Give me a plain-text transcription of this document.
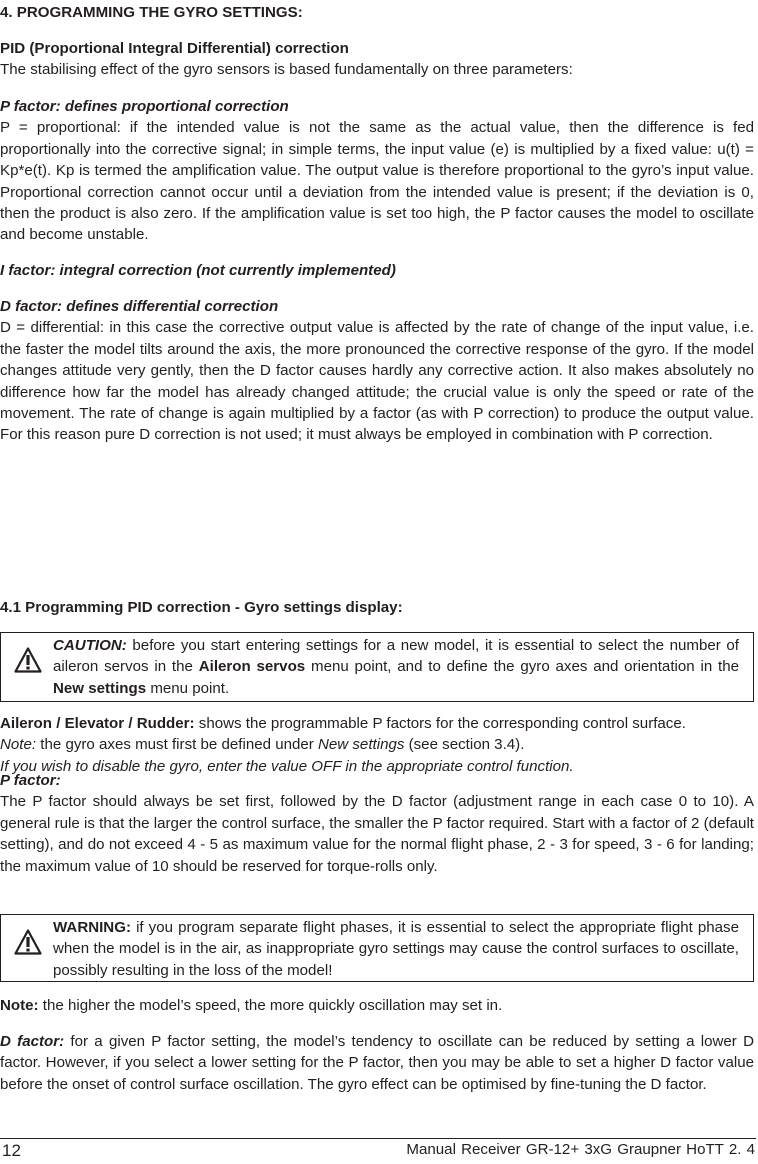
4. PROGRAMMING THE GYRO SETTINGS:
PID (Proportional Integral Differential) correction
The stabilising effect of the gyro sensors is based fundamentally on three parameters:
P factor: defines proportional correction
P = proportional: if the intended value is not the same as the actual value, then the difference is fed proportionally into the corrective signal; in simple terms, the input value (e) is multiplied by a fixed value: u(t) = Kp*e(t). Kp is termed the amplification value. The output value is therefore proportional to the gyro’s input value. Proportional correction cannot occur until a deviation from the intended value is present; if the deviation is 0, then the product is also zero. If the amplification value is set too high, the P factor causes the model to oscillate and become unstable.
I factor: integral correction (not currently implemented)
D factor: defines differential correction
D = differential: in this case the corrective output value is affected by the rate of change of the input value, i.e. the faster the model tilts around the axis, the more pronounced the corrective response of the gyro. If the model changes attitude very gently, then the D factor causes hardly any corrective action. It also makes absolutely no difference how far the model has already changed attitude; the crucial value is only the speed or rate of the movement. The rate of change is again multiplied by a factor (as with P correction) to produce the output value. For this reason pure D correction is not used; it must always be employed in combination with P correction.
4.1 Programming PID correction - Gyro settings display:
CAUTION: before you start entering settings for a new model, it is essential to select the number of aileron servos in the Aileron servos menu point, and to define the gyro axes and orientation in the New settings menu point.
Aileron / Elevator / Rudder: shows the programmable P factors for the corresponding control surface.
Note: the gyro axes must first be defined under New settings (see section 3.4).
If you wish to disable the gyro, enter the value OFF in the appropriate control function.
P factor:
The P factor should always be set first, followed by the D factor (adjustment range in each case 0 to 10). A general rule is that the larger the control surface, the smaller the P factor required. Start with a factor of 2 (default setting), and do not exceed 4 - 5 as maximum value for the normal flight phase, 2 - 3 for speed, 3 - 6 for landing; the maximum value of 10 should be reserved for torque-rolls only.
WARNING: if you program separate flight phases, it is essential to select the appropriate flight phase when the model is in the air, as inappropriate gyro settings may cause the control surfaces to oscillate, possibly resulting in the loss of the model!
Note: the higher the model’s speed, the more quickly oscillation may set in.
D factor: for a given P factor setting, the model’s tendency to oscillate can be reduced by setting a lower D factor. However, if you select a lower setting for the P factor, then you may be able to set a higher D factor value before the onset of control surface oscillation. The gyro effect can be optimised by fine-tuning the D factor.
12	Manual Receiver GR-12+ 3xG Graupner HoTT 2. 4
